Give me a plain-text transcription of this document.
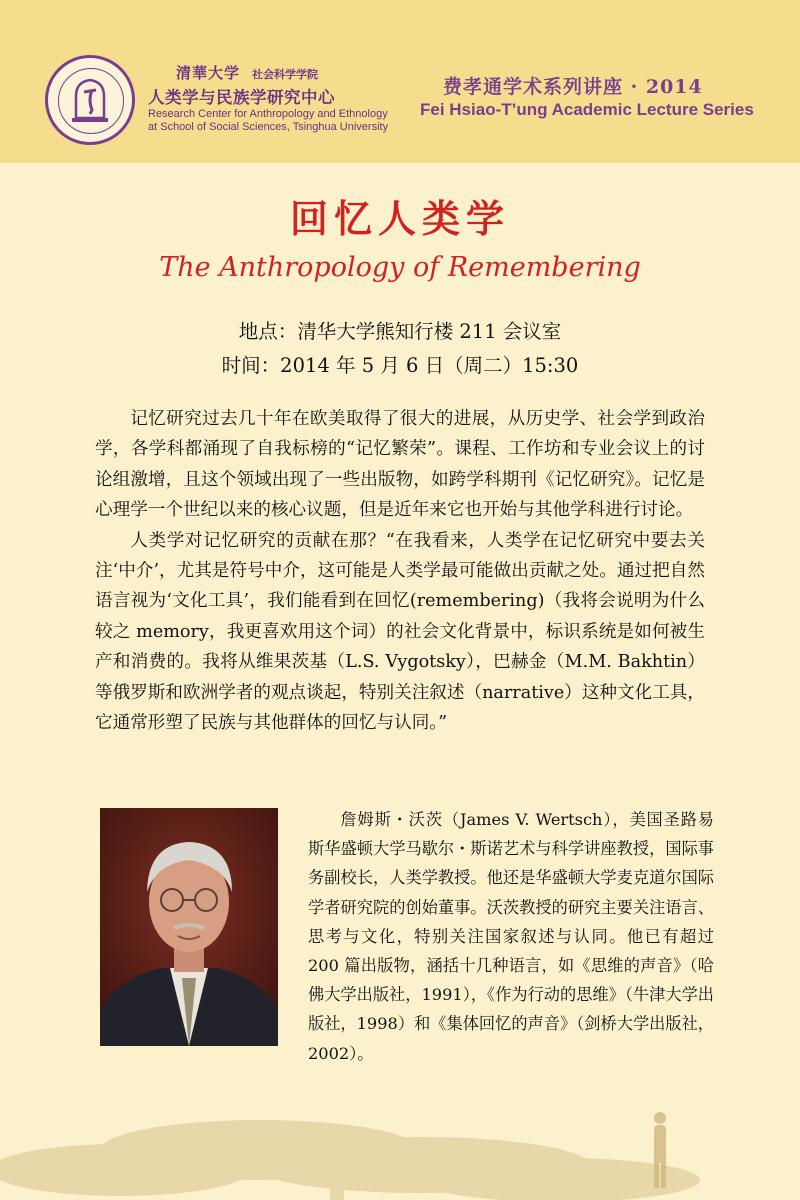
清華大学 社会科学学院
人类学与民族学研究中心
Research Center for Anthropology and Ethnology
at School of Social Sciences, Tsinghua University
费孝通学术系列讲座 · 2014
Fei Hsiao-T’ung Academic Lecture Series
回忆人类学
The Anthropology of Remembering
地点：清华大学熊知行楼 211 会议室
时间：2014 年 5 月 6 日（周二）15:30

记忆研究过去几十年在欧美取得了很大的进展，从历史学、社会学到政治学，各学科都涌现了自我标榜的“记忆繁荣”。课程、工作坊和专业会议上的讨论组激增，且这个领域出现了一些出版物，如跨学科期刊《记忆研究》。记忆是心理学一个世纪以来的核心议题，但是近年来它也开始与其他学科进行讨论。

人类学对记忆研究的贡献在那？“在我看来，人类学在记忆研究中要去关注‘中介’，尤其是符号中介，这可能是人类学最可能做出贡献之处。通过把自然语言视为‘文化工具’，我们能看到在回忆(remembering)（我将会说明为什么较之 memory，我更喜欢用这个词）的社会文化背景中，标识系统是如何被生产和消费的。我将从维果茨基（L.S. Vygotsky），巴赫金（M.M. Bakhtin）等俄罗斯和欧洲学者的观点谈起，特别关注叙述（narrative）这种文化工具，它通常形塑了民族与其他群体的回忆与认同。”

詹姆斯・沃茨（James V. Wertsch），美国圣路易斯华盛顿大学马歇尔・斯诺艺术与科学讲座教授，国际事务副校长，人类学教授。他还是华盛顿大学麦克道尔国际学者研究院的创始董事。沃茨教授的研究主要关注语言、思考与文化，特别关注国家叙述与认同。他已有超过 200 篇出版物，涵括十几种语言，如《思维的声音》（哈佛大学出版社，1991），《作为行动的思维》（牛津大学出版社，1998）和《集体回忆的声音》（剑桥大学出版社，2002）。
